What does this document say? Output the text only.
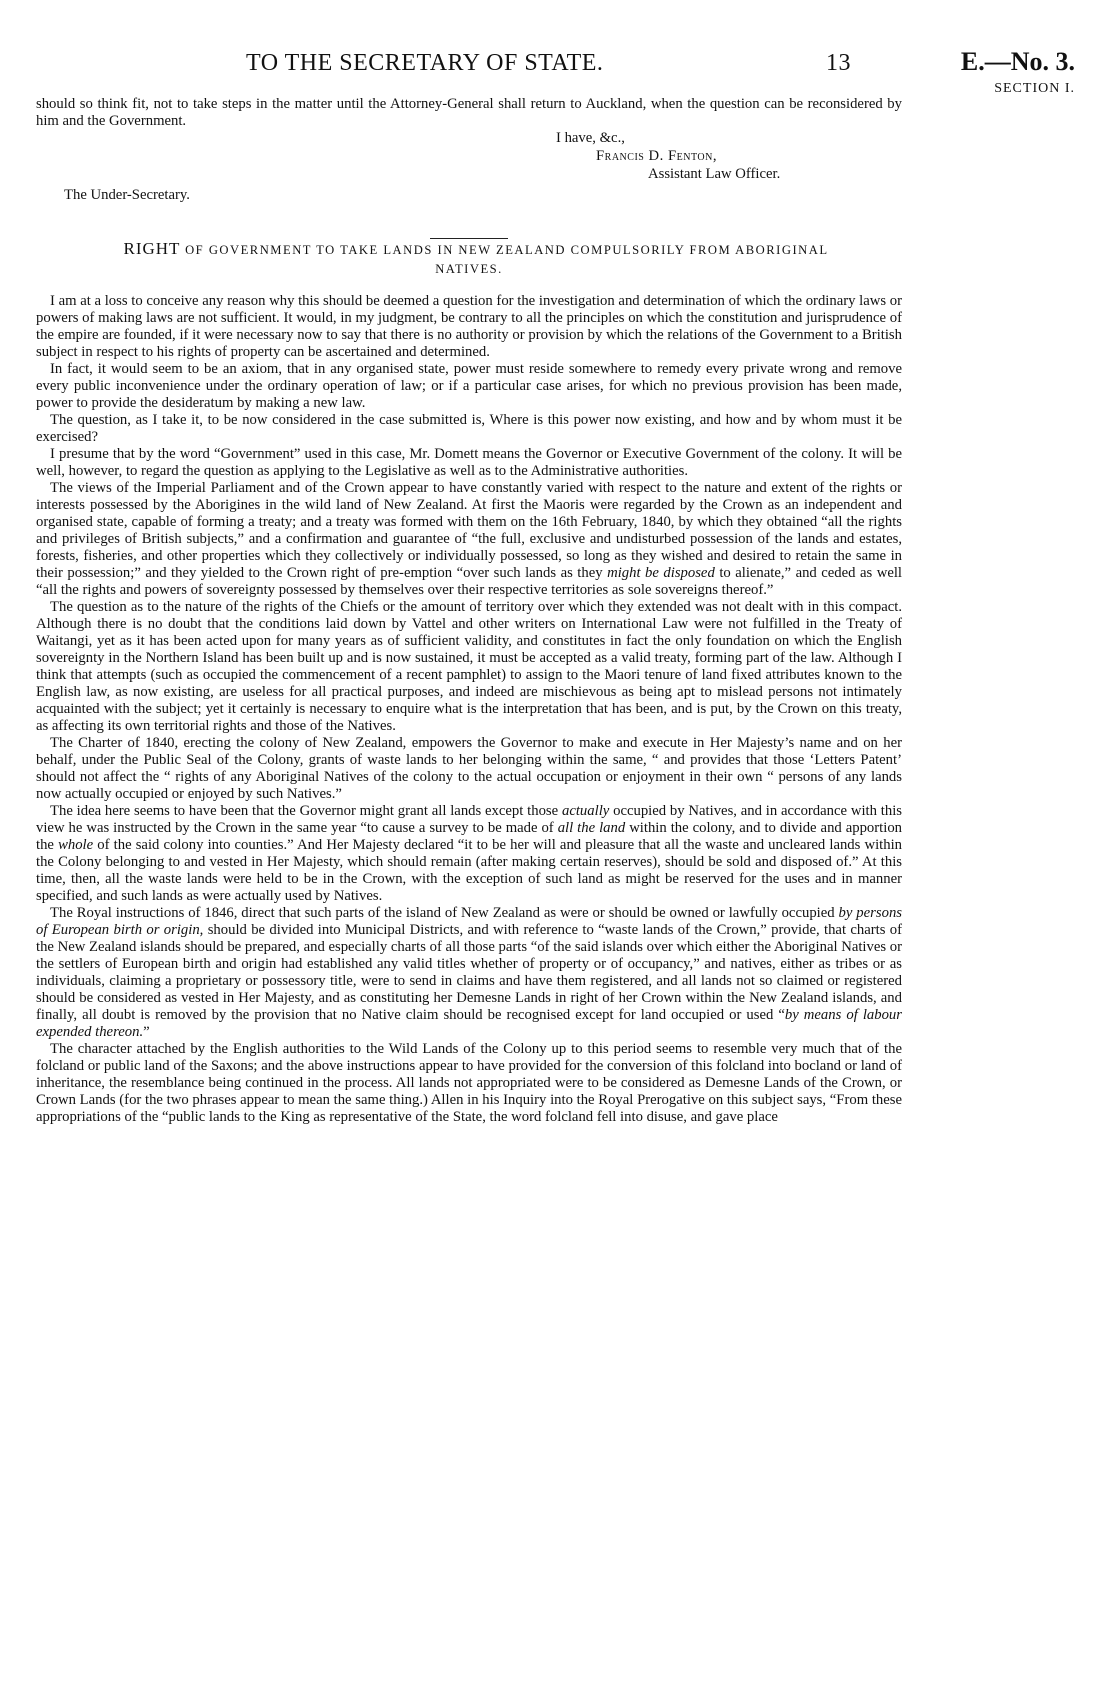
TO THE SECRETARY OF STATE.	13	E.—No. 3.
SECTION I.

should so think fit, not to take steps in the matter until the Attorney-General shall return to Auckland, when the question can be reconsidered by him and the Government.

I have, &c.,
Francis D. Fenton,
Assistant Law Officer.
The Under-Secretary.

RIGHT OF GOVERNMENT TO TAKE LANDS IN NEW ZEALAND COMPULSORILY FROM ABORIGINAL
NATIVES.

I am at a loss to conceive any reason why this should be deemed a question for the investigation and determination of which the ordinary laws or powers of making laws are not sufficient. It would, in my judgment, be contrary to all the principles on which the constitution and jurisprudence of the empire are founded, if it were necessary now to say that there is no authority or provision by which the relations of the Government to a British subject in respect to his rights of property can be ascertained and determined.

In fact, it would seem to be an axiom, that in any organised state, power must reside somewhere to remedy every private wrong and remove every public inconvenience under the ordinary operation of law; or if a particular case arises, for which no previous provision has been made, power to provide the desideratum by making a new law.

The question, as I take it, to be now considered in the case submitted is, Where is this power now existing, and how and by whom must it be exercised?

I presume that by the word “Government” used in this case, Mr. Domett means the Governor or Executive Government of the colony. It will be well, however, to regard the question as applying to the Legislative as well as to the Administrative authorities.

The views of the Imperial Parliament and of the Crown appear to have constantly varied with respect to the nature and extent of the rights or interests possessed by the Aborigines in the wild land of New Zealand. At first the Maoris were regarded by the Crown as an independent and organised state, capable of forming a treaty; and a treaty was formed with them on the 16th February, 1840, by which they obtained “all the rights and privileges of British subjects,” and a confirmation and guarantee of “the full, exclusive and undisturbed possession of the lands and estates, forests, fisheries, and other properties which they collectively or individually possessed, so long as they wished and desired to retain the same in their possession;” and they yielded to the Crown right of pre-emption “over such lands as they might be disposed to alienate,” and ceded as well “all the rights and powers of sovereignty possessed by themselves over their respective territories as sole sovereigns thereof.”

The question as to the nature of the rights of the Chiefs or the amount of territory over which they extended was not dealt with in this compact. Although there is no doubt that the conditions laid down by Vattel and other writers on International Law were not fulfilled in the Treaty of Waitangi, yet as it has been acted upon for many years as of sufficient validity, and constitutes in fact the only foundation on which the English sovereignty in the Northern Island has been built up and is now sustained, it must be accepted as a valid treaty, forming part of the law. Although I think that attempts (such as occupied the commencement of a recent pamphlet) to assign to the Maori tenure of land fixed attributes known to the English law, as now existing, are useless for all practical purposes, and indeed are mischievous as being apt to mislead persons not intimately acquainted with the subject; yet it certainly is necessary to enquire what is the interpretation that has been, and is put, by the Crown on this treaty, as affecting its own territorial rights and those of the Natives.

The Charter of 1840, erecting the colony of New Zealand, empowers the Governor to make and execute in Her Majesty’s name and on her behalf, under the Public Seal of the Colony, grants of waste lands to her belonging within the same, “ and provides that those ‘Letters Patent’ should not affect the “ rights of any Aboriginal Natives of the colony to the actual occupation or enjoyment in their own “ persons of any lands now actually occupied or enjoyed by such Natives.”

The idea here seems to have been that the Governor might grant all lands except those actually occupied by Natives, and in accordance with this view he was instructed by the Crown in the same year “to cause a survey to be made of all the land within the colony, and to divide and apportion the whole of the said colony into counties.” And Her Majesty declared “it to be her will and pleasure that all the waste and uncleared lands within the Colony belonging to and vested in Her Majesty, which should remain (after making certain reserves), should be sold and disposed of.” At this time, then, all the waste lands were held to be in the Crown, with the exception of such land as might be reserved for the uses and in manner specified, and such lands as were actually used by Natives.

The Royal instructions of 1846, direct that such parts of the island of New Zealand as were or should be owned or lawfully occupied by persons of European birth or origin, should be divided into Municipal Districts, and with reference to “waste lands of the Crown,” provide, that charts of the New Zealand islands should be prepared, and especially charts of all those parts “of the said islands over which either the Aboriginal Natives or the settlers of European birth and origin had established any valid titles whether of property or of occupancy,” and natives, either as tribes or as individuals, claiming a proprietary or possessory title, were to send in claims and have them registered, and all lands not so claimed or registered should be considered as vested in Her Majesty, and as constituting her Demesne Lands in right of her Crown within the New Zealand islands, and finally, all doubt is removed by the provision that no Native claim should be recognised except for land occupied or used “by means of labour expended thereon.”

The character attached by the English authorities to the Wild Lands of the Colony up to this period seems to resemble very much that of the folcland or public land of the Saxons; and the above instructions appear to have provided for the conversion of this folcland into bocland or land of inheritance, the resemblance being continued in the process. All lands not appropriated were to be considered as Demesne Lands of the Crown, or Crown Lands (for the two phrases appear to mean the same thing.) Allen in his Inquiry into the Royal Prerogative on this subject says, “From these appropriations of the “public lands to the King as representative of the State, the word folcland fell into disuse, and gave place
